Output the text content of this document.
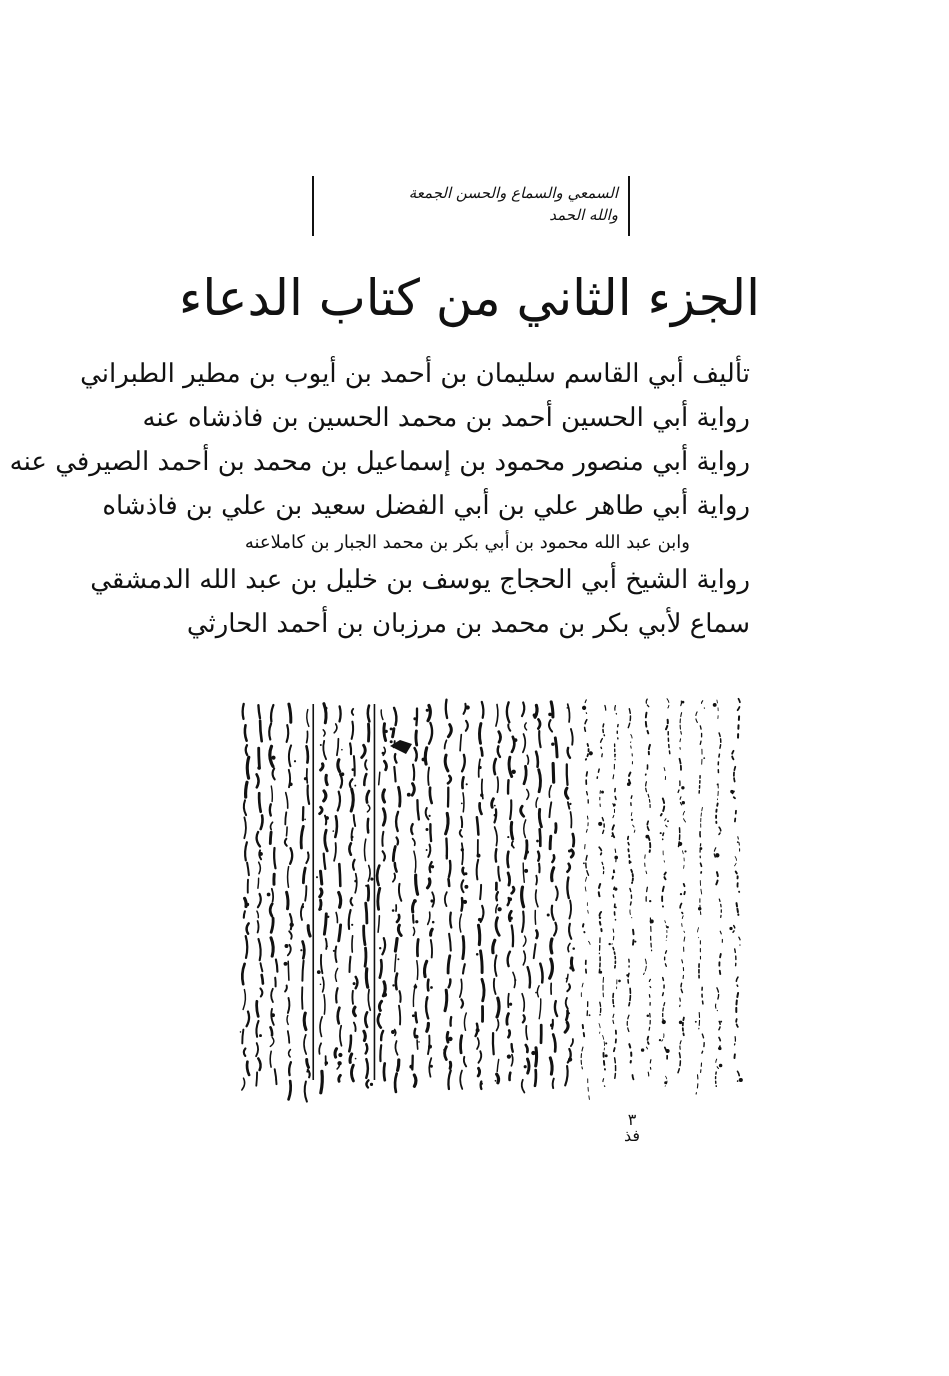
السمعي والسماع والحسن الجمعة
والله الحمد
الجزء الثاني من كتاب الدعاء
تأليف أبي القاسم سليمان بن أحمد بن أيوب بن مطير الطبراني
رواية أبي الحسين أحمد بن محمد الحسين بن فاذشاه عنه
رواية أبي منصور محمود بن إسماعيل بن محمد بن أحمد الصيرفي عنه
رواية أبي طاهر علي بن أبي الفضل سعيد بن علي بن فاذشاه
وابن عبد الله محمود بن أبي بكر بن محمد الجبار بن كاملاعنه
رواية الشيخ أبي الحجاج يوسف بن خليل بن عبد الله الدمشقي
سماع لأبي بكر بن محمد بن مرزبان بن أحمد الحارثي
٣
فذ
